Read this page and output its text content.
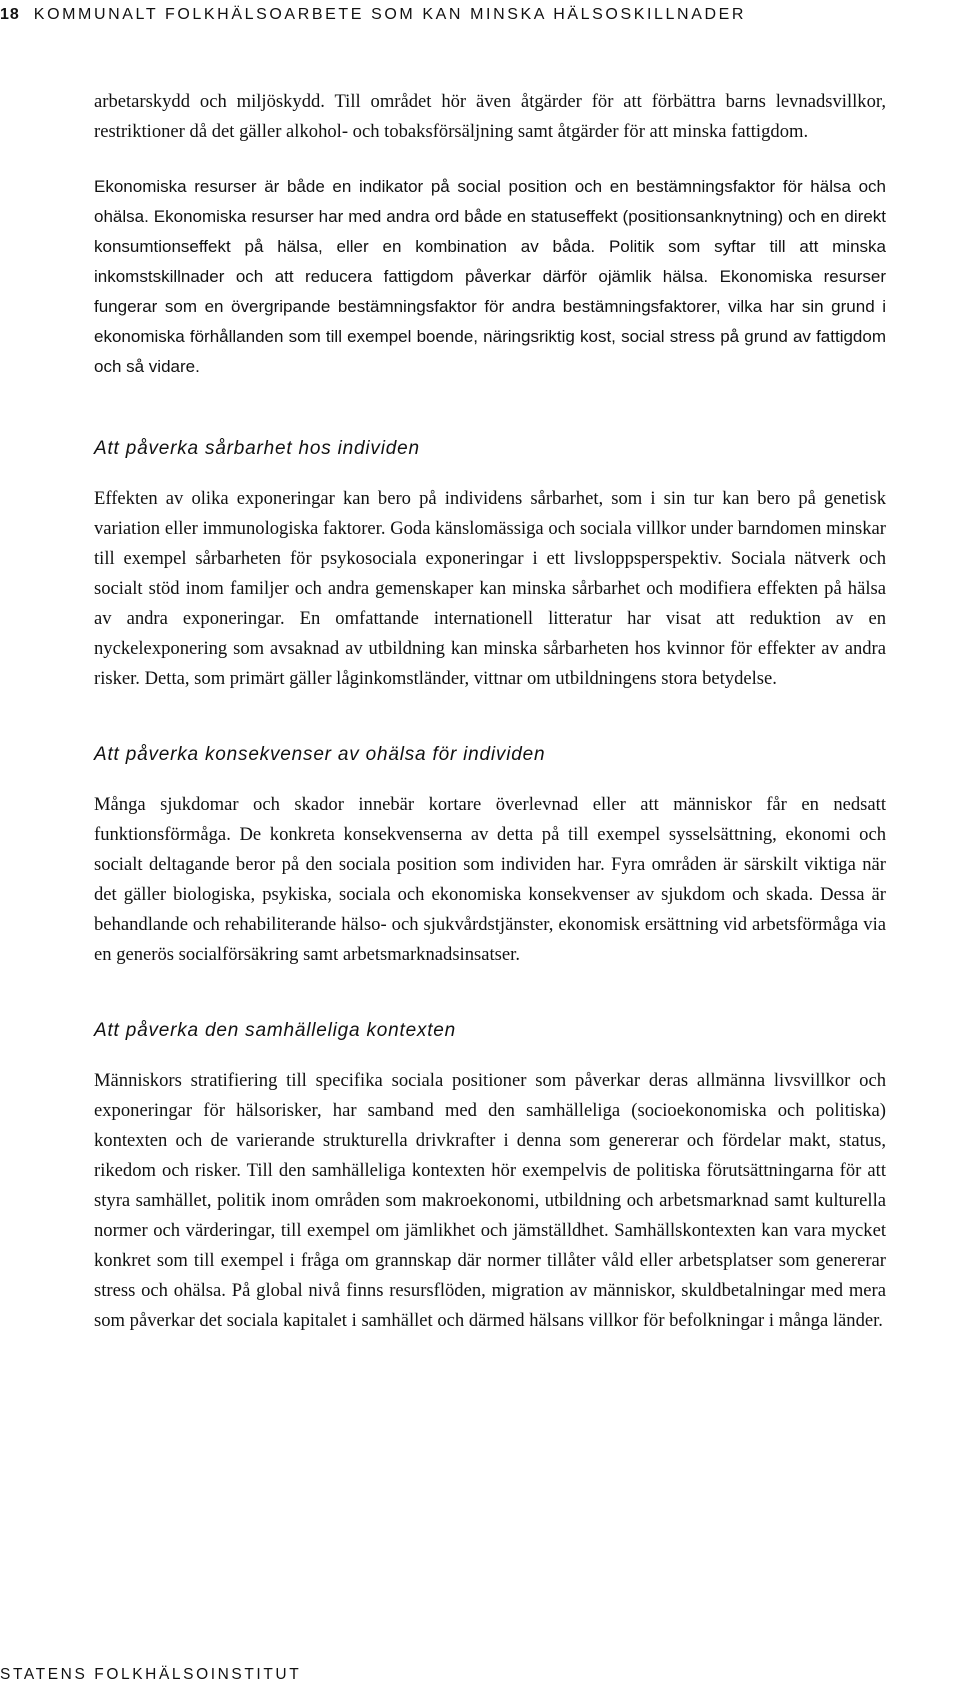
18 KOMMUNALT FOLKHÄLSOARBETE SOM KAN MINSKA HÄLSOSKILLNADER

arbetarskydd och miljöskydd. Till området hör även åtgärder för att förbättra barns levnadsvillkor, restriktioner då det gäller alkohol- och tobaksförsäljning samt åtgärder för att minska fattigdom.

Ekonomiska resurser är både en indikator på social position och en bestämningsfaktor för hälsa och ohälsa. Ekonomiska resurser har med andra ord både en statuseffekt (positionsanknytning) och en direkt konsumtionseffekt på hälsa, eller en kombination av båda. Politik som syftar till att minska inkomstskillnader och att reducera fattigdom påverkar därför ojämlik hälsa. Ekonomiska resurser fungerar som en övergripande bestämningsfaktor för andra bestämningsfaktorer, vilka har sin grund i ekonomiska förhållanden som till exempel boende, näringsriktig kost, social stress på grund av fattigdom och så vidare.

Att påverka sårbarhet hos individen

Effekten av olika exponeringar kan bero på individens sårbarhet, som i sin tur kan bero på genetisk variation eller immunologiska faktorer. Goda känslomässiga och sociala villkor under barndomen minskar till exempel sårbarheten för psykosociala exponeringar i ett livsloppsperspektiv. Sociala nätverk och socialt stöd inom familjer och andra gemenskaper kan minska sårbarhet och modifiera effekten på hälsa av andra exponeringar. En omfattande internationell litteratur har visat att reduktion av en nyckelexponering som avsaknad av utbildning kan minska sårbarheten hos kvinnor för effekter av andra risker. Detta, som primärt gäller låginkomstländer, vittnar om utbildningens stora betydelse.

Att påverka konsekvenser av ohälsa för individen

Många sjukdomar och skador innebär kortare överlevnad eller att människor får en nedsatt funktionsförmåga. De konkreta konsekvenserna av detta på till exempel sysselsättning, ekonomi och socialt deltagande beror på den sociala position som individen har. Fyra områden är särskilt viktiga när det gäller biologiska, psykiska, sociala och ekonomiska konsekvenser av sjukdom och skada. Dessa är behandlande och rehabiliterande hälso- och sjukvårdstjänster, ekonomisk ersättning vid arbetsförmåga via en generös socialförsäkring samt arbetsmarknadsinsatser.

Att påverka den samhälleliga kontexten

Människors stratifiering till specifika sociala positioner som påverkar deras allmänna livsvillkor och exponeringar för hälsorisker, har samband med den samhälleliga (socioekonomiska och politiska) kontexten och de varierande strukturella drivkrafter i denna som genererar och fördelar makt, status, rikedom och risker. Till den samhälleliga kontexten hör exempelvis de politiska förutsättningarna för att styra samhället, politik inom områden som makroekonomi, utbildning och arbetsmarknad samt kulturella normer och värderingar, till exempel om jämlikhet och jämställdhet. Samhällskontexten kan vara mycket konkret som till exempel i fråga om grannskap där normer tillåter våld eller arbetsplatser som genererar stress och ohälsa. På global nivå finns resursflöden, migration av människor, skuldbetalningar med mera som påverkar det sociala kapitalet i samhället och därmed hälsans villkor för befolkningar i många länder.

STATENS FOLKHÄLSOINSTITUT
